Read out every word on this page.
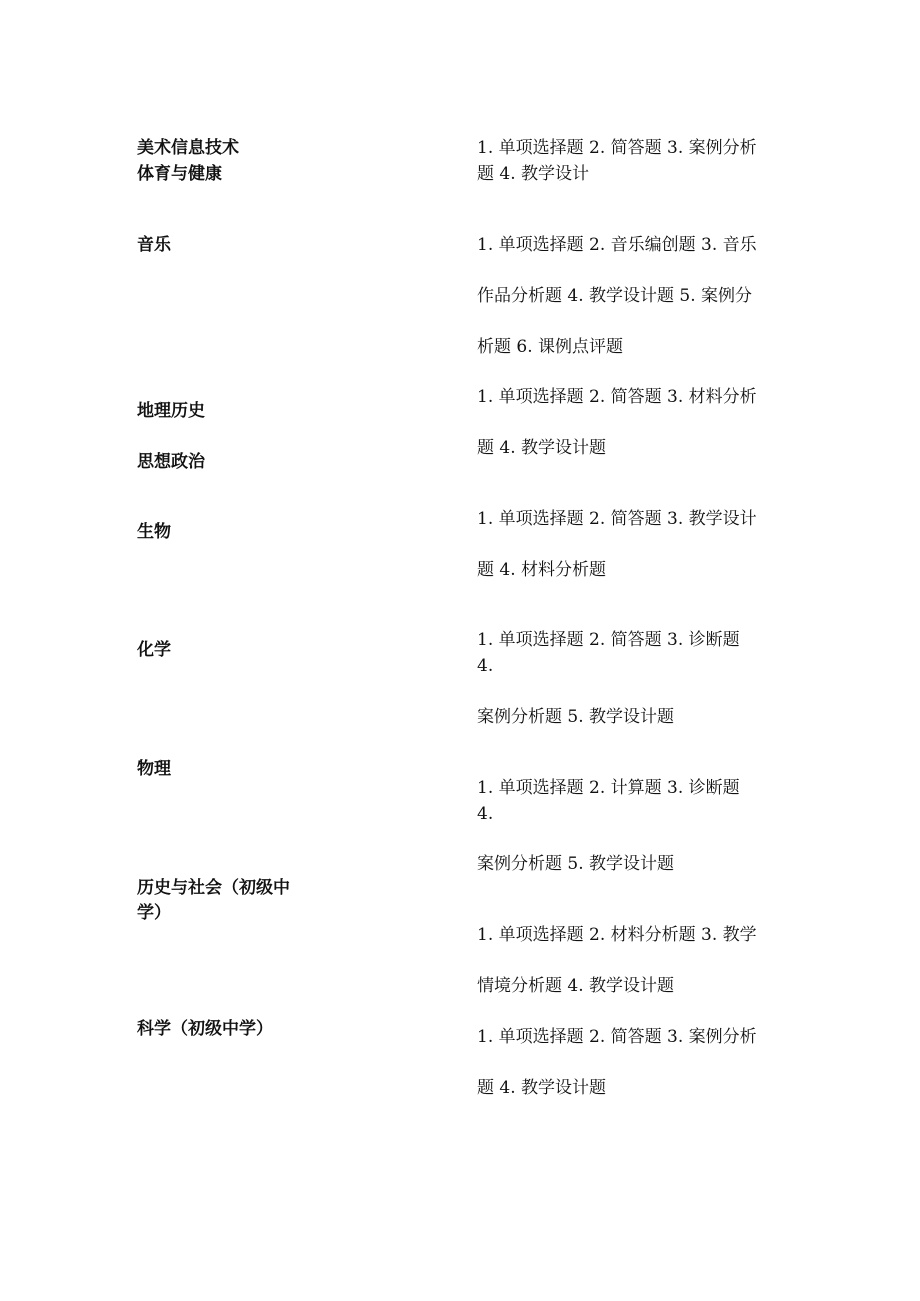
美术信息技术

体育与健康

音乐

地理历史

思想政治

生物

化学

物理

历史与社会（初级中

学）

科学（初级中学）

1. 单项选择题 2. 简答题 3. 案例分析

题 4. 教学设计

1. 单项选择题 2. 音乐编创题 3. 音乐

作品分析题 4. 教学设计题 5. 案例分

析题 6. 课例点评题

1. 单项选择题 2. 简答题 3. 材料分析

题 4. 教学设计题

1. 单项选择题 2. 简答题 3. 教学设计

题 4. 材料分析题

1. 单项选择题 2. 简答题 3. 诊断题

4.

案例分析题 5. 教学设计题

1. 单项选择题 2. 计算题 3. 诊断题

4.

案例分析题 5. 教学设计题

1. 单项选择题 2. 材料分析题 3. 教学

情境分析题 4. 教学设计题

1. 单项选择题 2. 简答题 3. 案例分析

题 4. 教学设计题
